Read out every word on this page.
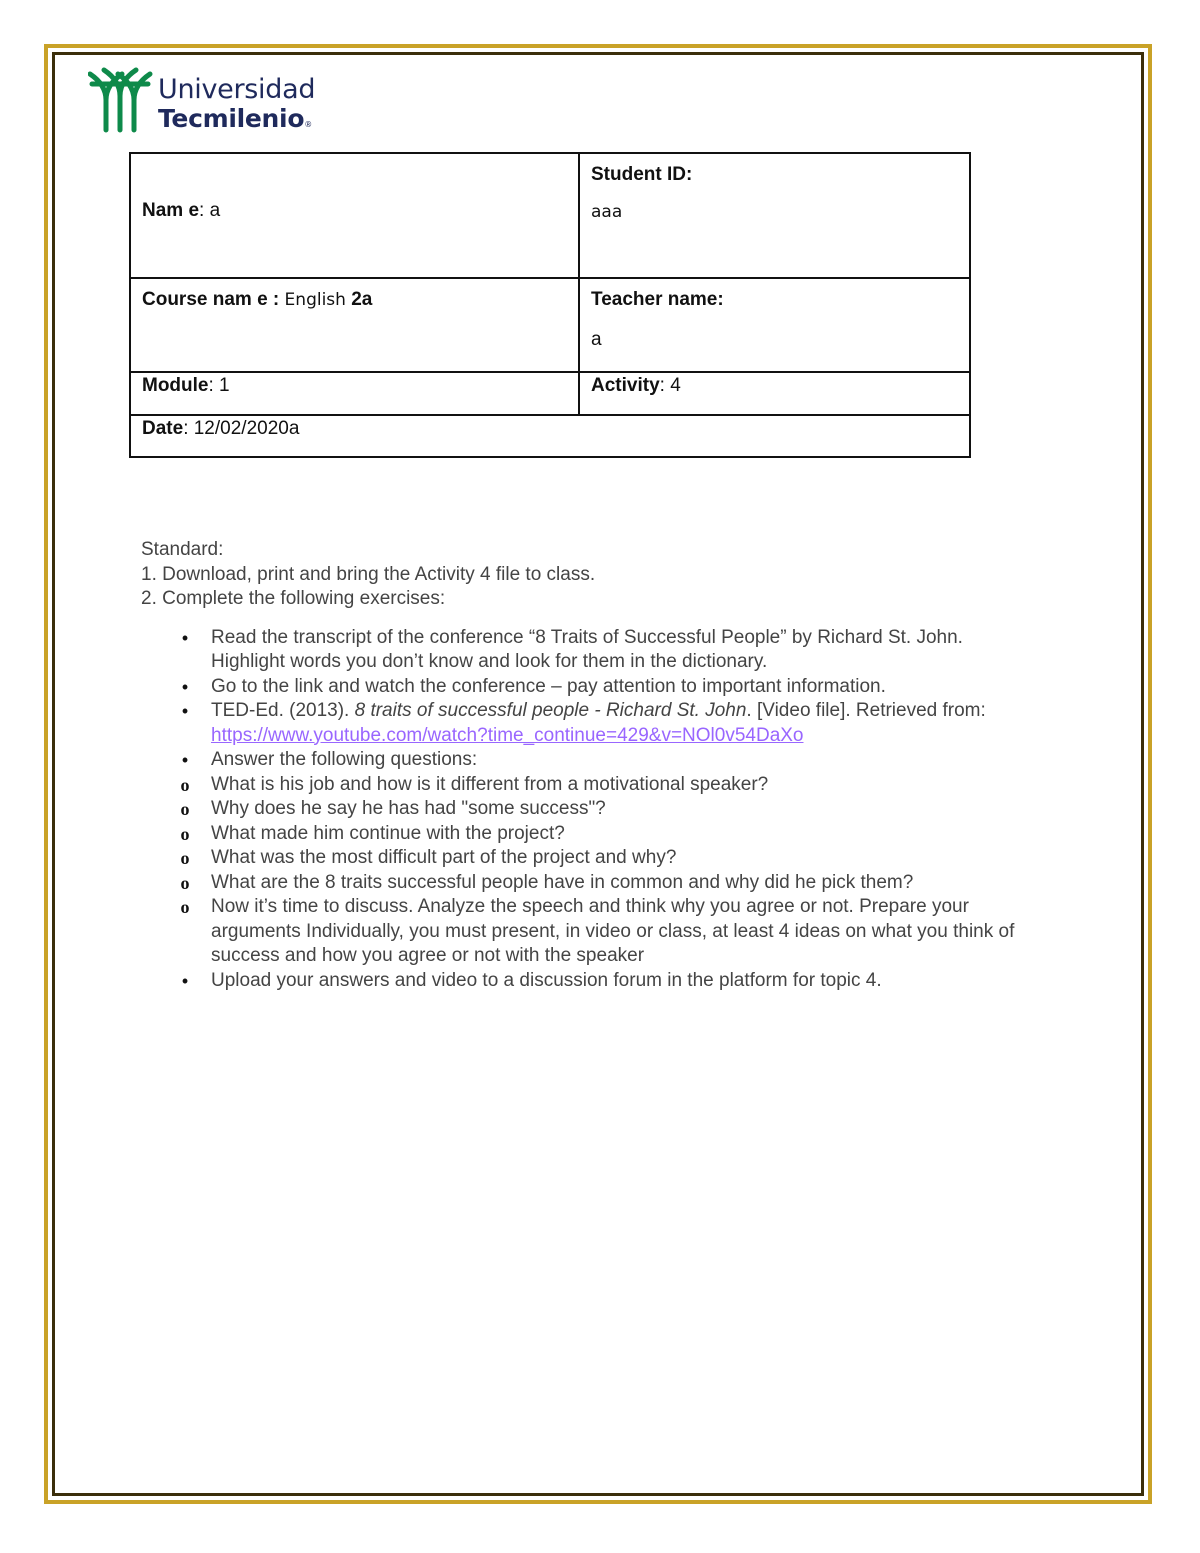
Universidad
Tecmilenio®
Nam e: a	Student ID:
aaa

Course nam e : English 2a	Teacher name:
a

Module: 1	Activity: 4
Date: 12/02/2020a	

Standard:

1. Download, print and bring the Activity 4 file to class.

2. Complete the following exercises:

•	Read the transcript of the conference “8 Traits of Successful People” by Richard St. John. Highlight words you don’t know and look for them in the dictionary.
•	Go to the link and watch the conference – pay attention to important information.
•	TED-Ed. (2013). 8 traits of successful people - Richard St. John. [Video file]. Retrieved from: https://www.youtube.com/watch?time_continue=429&v=NOl0v54DaXo
•	Answer the following questions:
o What is his job and how is it different from a motivational speaker?
o Why does he say he has had "some success"?
o What made him continue with the project?
o What was the most difficult part of the project and why?
o What are the 8 traits successful people have in common and why did he pick them?
o Now it’s time to discuss. Analyze the speech and think why you agree or not. Prepare your arguments Individually, you must present, in video or class, at least 4 ideas on what you think of success and how you agree or not with the speaker
•	Upload your answers and video to a discussion forum in the platform for topic 4.
